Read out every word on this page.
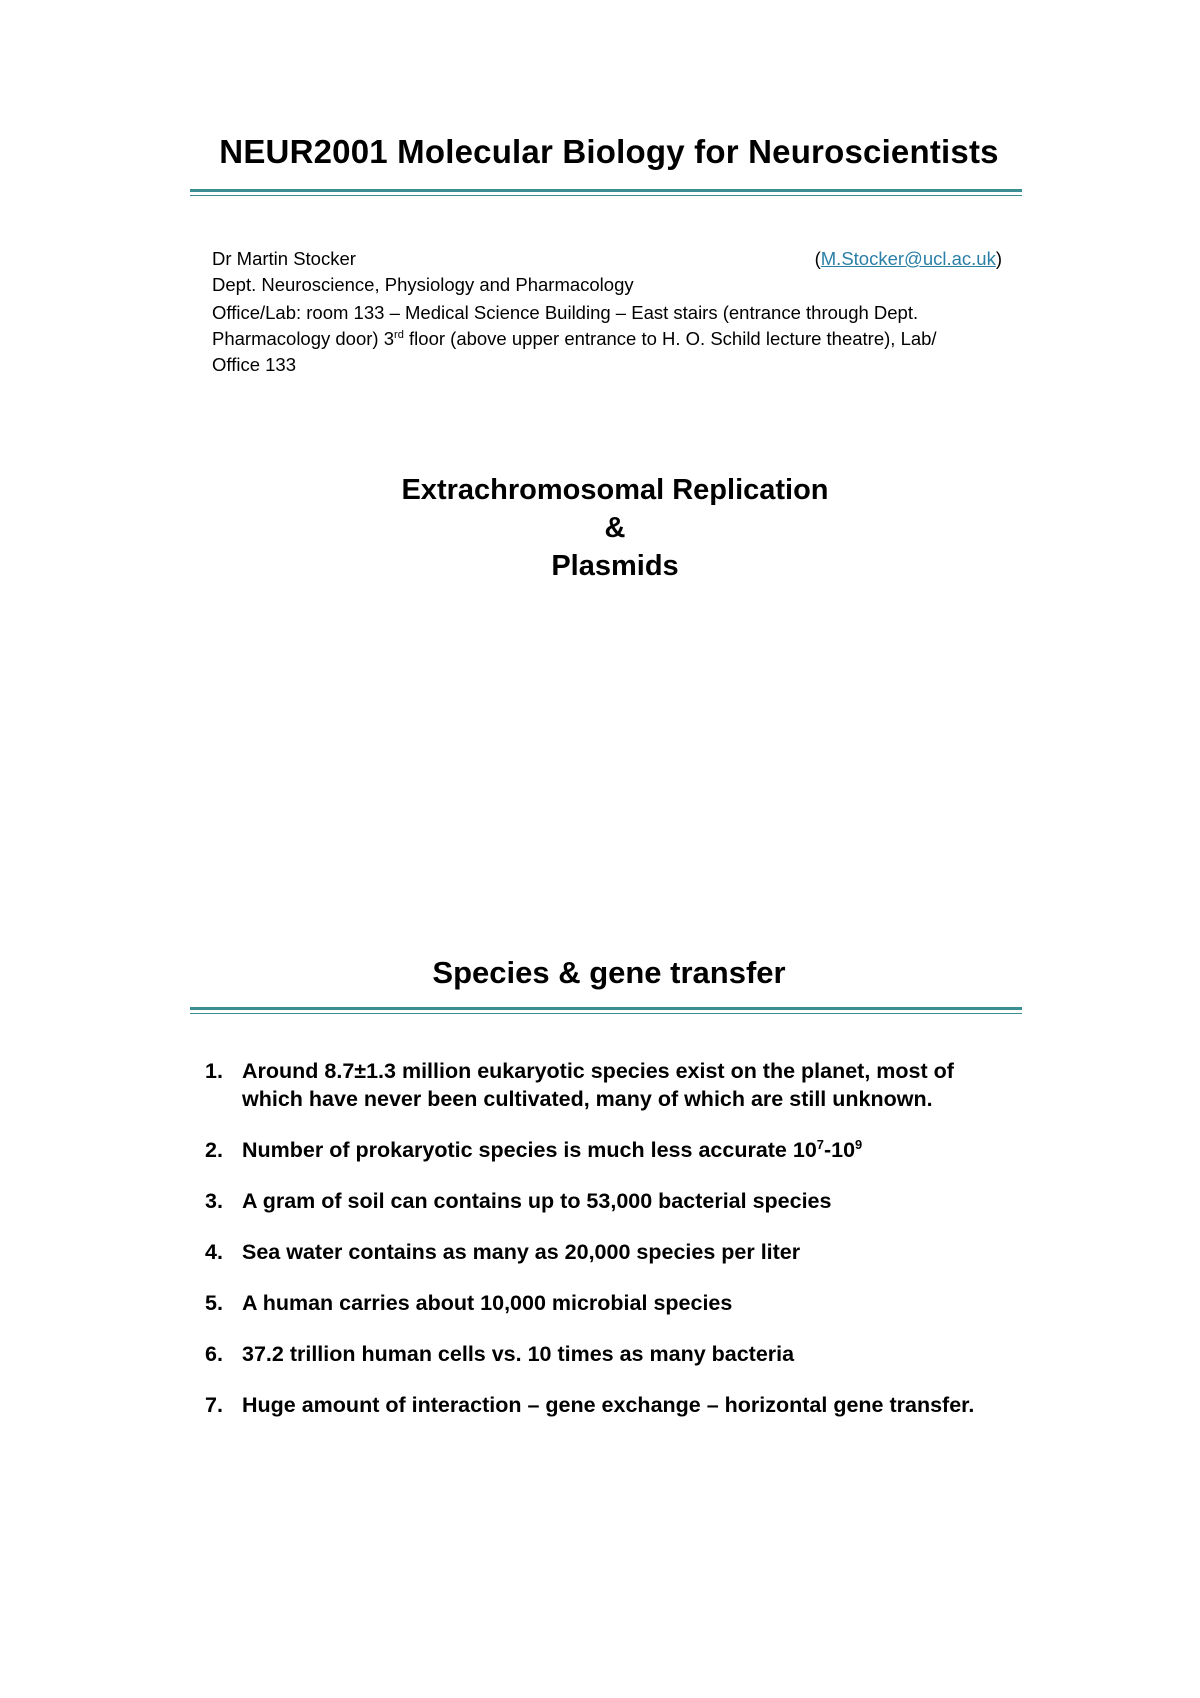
NEUR2001 Molecular Biology for Neuroscientists
Dr Martin Stocker	(M.Stocker@ucl.ac.uk)
Dept. Neuroscience, Physiology and Pharmacology
Office/Lab: room 133 – Medical Science Building – East stairs (entrance through Dept.
Pharmacology door) 3rd floor (above upper entrance to H. O. Schild lecture theatre), Lab/
Office 133
Extrachromosomal Replication
&
Plasmids
Species & gene transfer
1. Around 8.7±1.3 million eukaryotic species exist on the planet, most of which have never been cultivated, many of which are still unknown.
2. Number of prokaryotic species is much less accurate $10^7-10^9$
3. A gram of soil can contains up to 53,000 bacterial species
4. Sea water contains as many as 20,000 species per liter
5. A human carries about 10,000 microbial species
6. 37.2 trillion human cells vs. 10 times as many bacteria
7. Huge amount of interaction – gene exchange – horizontal gene transfer.
